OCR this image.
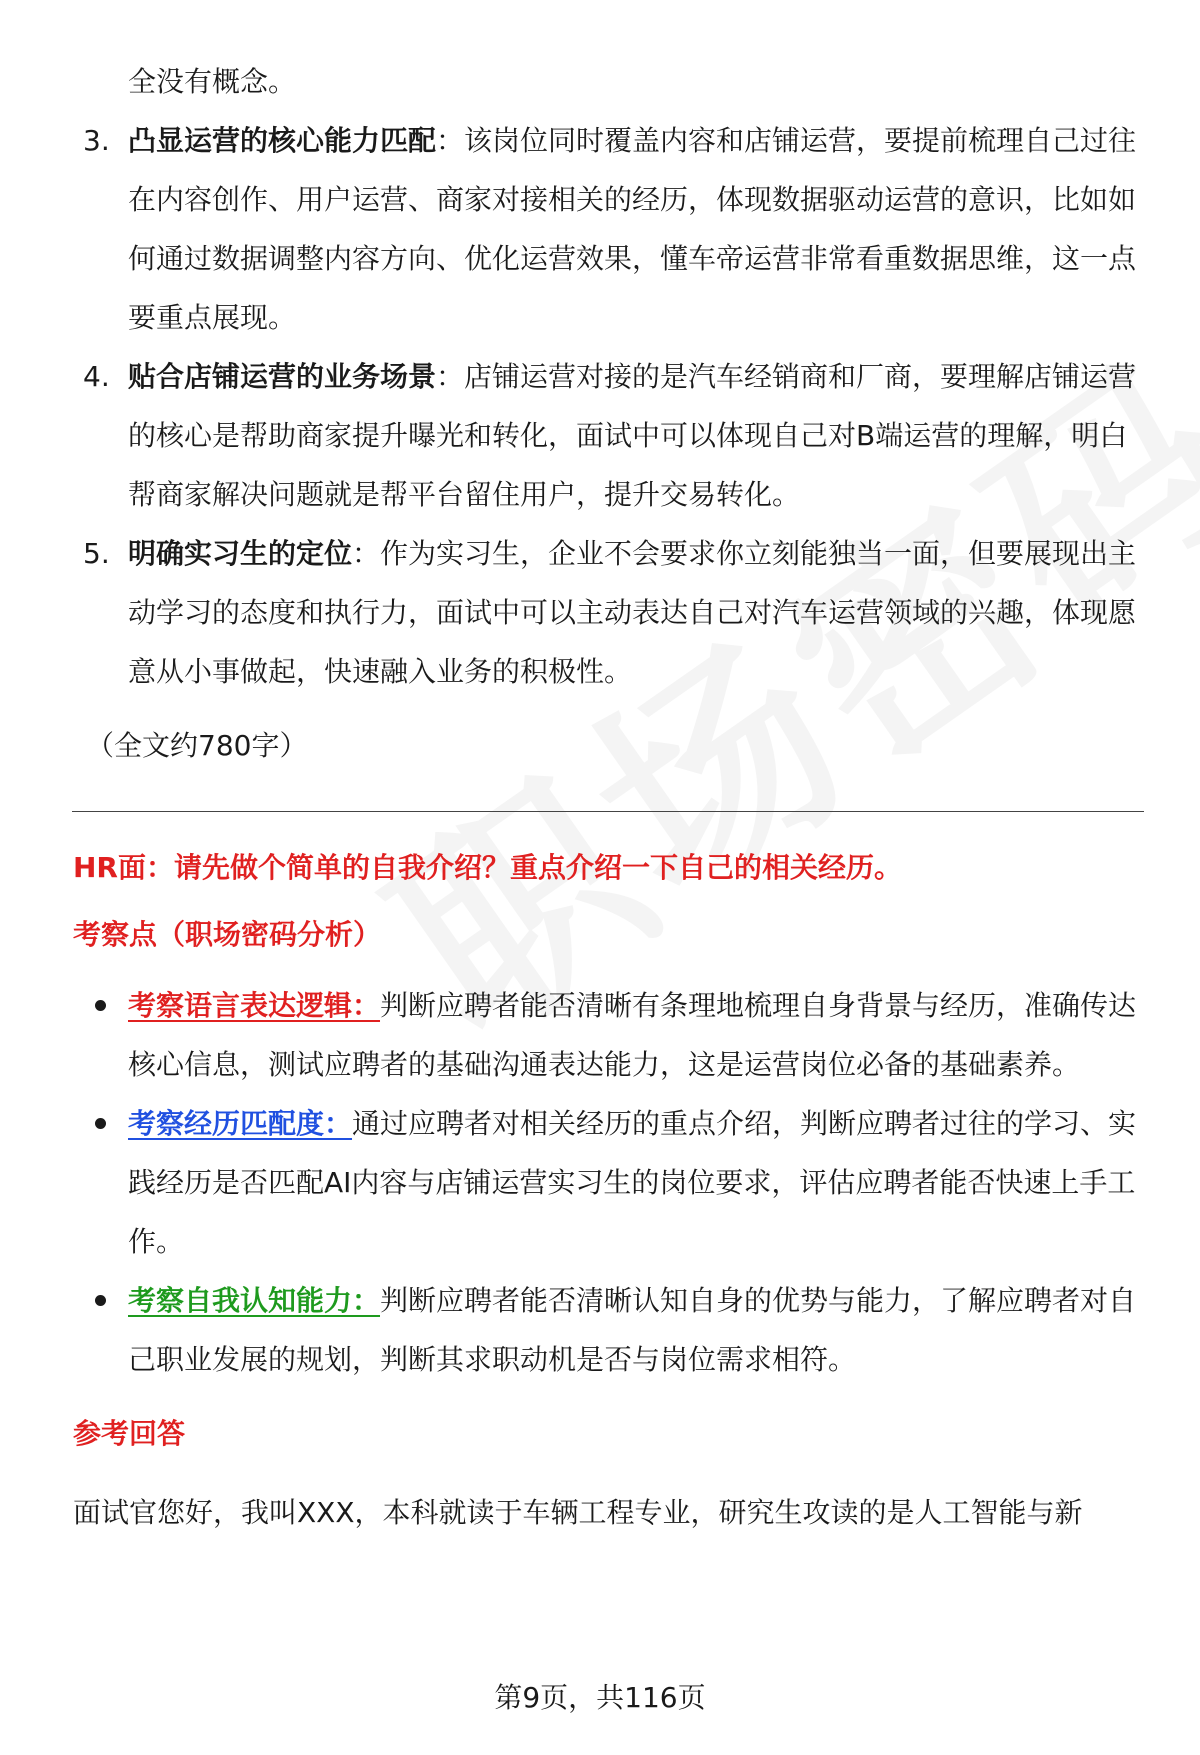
全没有概念。

3. 凸显运营的核心能力匹配：该岗位同时覆盖内容和店铺运营，要提前梳理自己过往在内容创作、用户运营、商家对接相关的经历，体现数据驱动运营的意识，比如如何通过数据调整内容方向、优化运营效果，懂车帝运营非常看重数据思维，这一点要重点展现。
4. 贴合店铺运营的业务场景：店铺运营对接的是汽车经销商和厂商，要理解店铺运营的核心是帮助商家提升曝光和转化，面试中可以体现自己对B端运营的理解，明白帮商家解决问题就是帮平台留住用户，提升交易转化。
5. 明确实习生的定位：作为实习生，企业不会要求你立刻能独当一面，但要展现出主动学习的态度和执行力，面试中可以主动表达自己对汽车运营领域的兴趣，体现愿意从小事做起，快速融入业务的积极性。

（全文约780字）

HR面：请先做个简单的自我介绍？重点介绍一下自己的相关经历。

考察点（职场密码分析）

考察语言表达逻辑：判断应聘者能否清晰有条理地梳理自身背景与经历，准确传达核心信息，测试应聘者的基础沟通表达能力，这是运营岗位必备的基础素养。
考察经历匹配度：通过应聘者对相关经历的重点介绍，判断应聘者过往的学习、实践经历是否匹配AI内容与店铺运营实习生的岗位要求，评估应聘者能否快速上手工作。
考察自我认知能力：判断应聘者能否清晰认知自身的优势与能力，了解应聘者对自己职业发展的规划，判断其求职动机是否与岗位需求相符。

参考回答

面试官您好，我叫XXX，本科就读于车辆工程专业，研究生攻读的是人工智能与新

第9页，共116页
